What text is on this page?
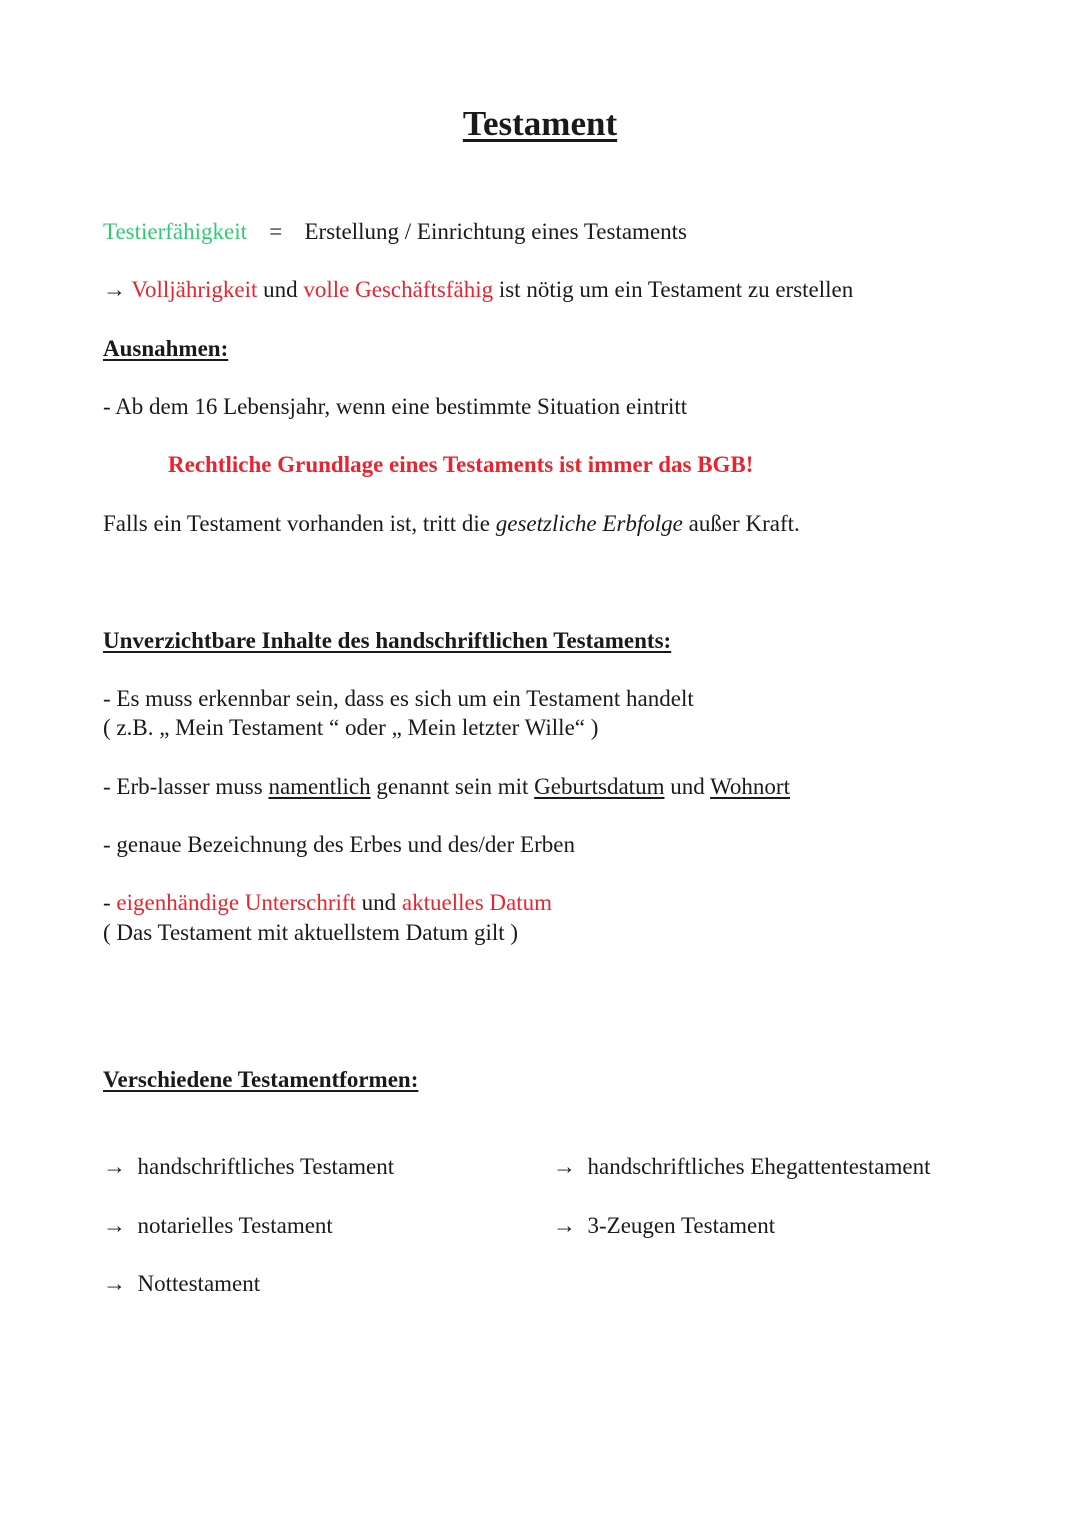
Testament
Testierfähigkeit = Erstellung / Einrichtung eines Testaments
→ Volljährigkeit und volle Geschäftsfähig ist nötig um ein Testament zu erstellen
Ausnahmen:
- Ab dem 16 Lebensjahr, wenn eine bestimmte Situation eintritt
Rechtliche Grundlage eines Testaments ist immer das BGB!
Falls ein Testament vorhanden ist, tritt die gesetzliche Erbfolge außer Kraft.
Unverzichtbare Inhalte des handschriftlichen Testaments:
- Es muss erkennbar sein, dass es sich um ein Testament handelt
( z.B. „ Mein Testament “ oder „ Mein letzter Wille“ )
- Erb-lasser muss namentlich genannt sein mit Geburtsdatum und Wohnort
- genaue Bezeichnung des Erbes und des/der Erben
- eigenhändige Unterschrift und aktuelles Datum
( Das Testament mit aktuellstem Datum gilt )
Verschiedene Testamentformen:
→ handschriftliches Testament	→ handschriftliches Ehegattentestament
→ notarielles Testament	→ 3-Zeugen Testament
→ Nottestament
